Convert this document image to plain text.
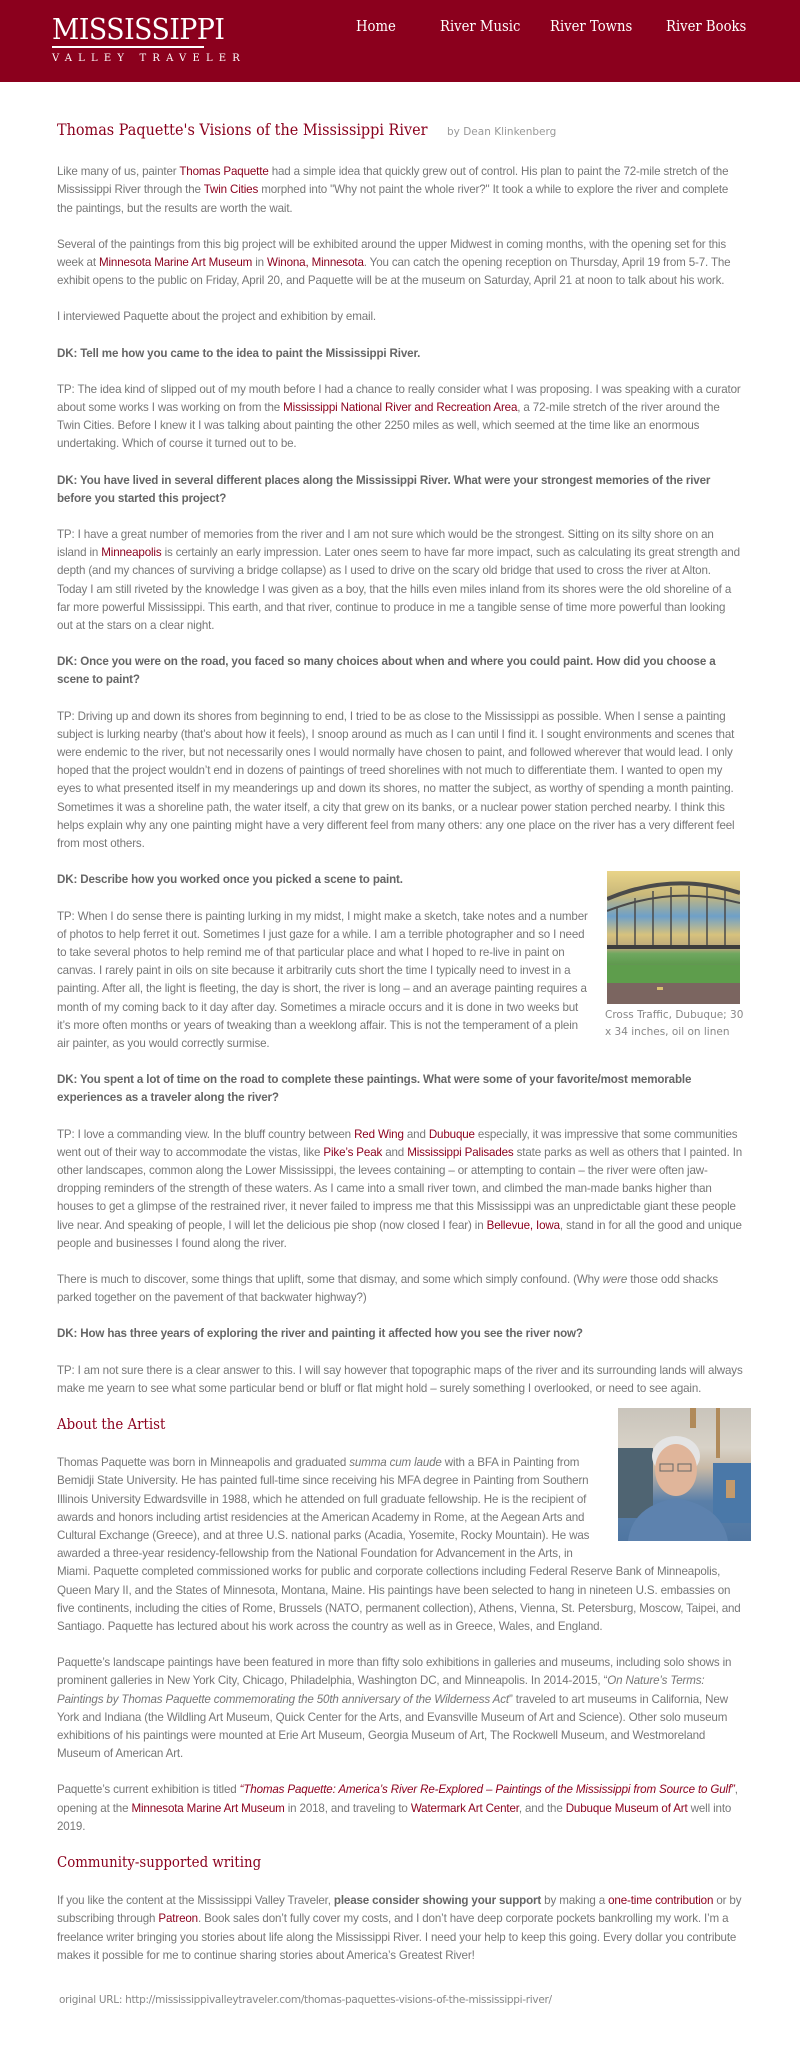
MISSISSIPPI
VALLEY TRAVELER
Home	River Music River Towns River Books
Thomas Paquette's Visions of the Mississippi River by Dean Klinkenberg

Like many of us, painter Thomas Paquette had a simple idea that quickly grew out of control. His plan to paint the 72-mile stretch of the Mississippi River through the Twin Cities morphed into "Why not paint the whole river?" It took a while to explore the river and complete the paintings, but the results are worth the wait.

Several of the paintings from this big project will be exhibited around the upper Midwest in coming months, with the opening set for this week at Minnesota Marine Art Museum in Winona, Minnesota. You can catch the opening reception on Thursday, April 19 from 5-7. The exhibit opens to the public on Friday, April 20, and Paquette will be at the museum on Saturday, April 21 at noon to talk about his work.

I interviewed Paquette about the project and exhibition by email.

DK: Tell me how you came to the idea to paint the Mississippi River.

TP: The idea kind of slipped out of my mouth before I had a chance to really consider what I was proposing. I was speaking with a curator about some works I was working on from the Mississippi National River and Recreation Area, a 72-mile stretch of the river around the Twin Cities. Before I knew it I was talking about painting the other 2250 miles as well, which seemed at the time like an enormous undertaking. Which of course it turned out to be.

DK: You have lived in several different places along the Mississippi River. What were your strongest memories of the river before you started this project?

TP: I have a great number of memories from the river and I am not sure which would be the strongest. Sitting on its silty shore on an island in Minneapolis is certainly an early impression. Later ones seem to have far more impact, such as calculating its great strength and depth (and my chances of surviving a bridge collapse) as I used to drive on the scary old bridge that used to cross the river at Alton. Today I am still riveted by the knowledge I was given as a boy, that the hills even miles inland from its shores were the old shoreline of a far more powerful Mississippi. This earth, and that river, continue to produce in me a tangible sense of time more powerful than looking out at the stars on a clear night.

DK: Once you were on the road, you faced so many choices about when and where you could paint. How did you choose a scene to paint?

TP: Driving up and down its shores from beginning to end, I tried to be as close to the Mississippi as possible. When I sense a painting subject is lurking nearby (that’s about how it feels), I snoop around as much as I can until I find it. I sought environments and scenes that were endemic to the river, but not necessarily ones I would normally have chosen to paint, and followed wherever that would lead. I only hoped that the project wouldn’t end in dozens of paintings of treed shorelines with not much to differentiate them. I wanted to open my eyes to what presented itself in my meanderings up and down its shores, no matter the subject, as worthy of spending a month painting. Sometimes it was a shoreline path, the water itself, a city that grew on its banks, or a nuclear power station perched nearby. I think this helps explain why any one painting might have a very different feel from many others: any one place on the river has a very different feel from most others.

Cross Traffic, Dubuque; 30 x 34 inches, oil on linen

DK: Describe how you worked once you picked a scene to paint.

TP: When I do sense there is painting lurking in my midst, I might make a sketch, take notes and a number of photos to help ferret it out. Sometimes I just gaze for a while. I am a terrible photographer and so I need to take several photos to help remind me of that particular place and what I hoped to re-live in paint on canvas. I rarely paint in oils on site because it arbitrarily cuts short the time I typically need to invest in a painting. After all, the light is fleeting, the day is short, the river is long – and an average painting requires a month of my coming back to it day after day. Sometimes a miracle occurs and it is done in two weeks but it’s more often months or years of tweaking than a weeklong affair. This is not the temperament of a plein air painter, as you would correctly surmise.

DK: You spent a lot of time on the road to complete these paintings. What were some of your favorite/most memorable experiences as a traveler along the river?

TP: I love a commanding view. In the bluff country between Red Wing and Dubuque especially, it was impressive that some communities went out of their way to accommodate the vistas, like Pike’s Peak and Mississippi Palisades state parks as well as others that I painted. In other landscapes, common along the Lower Mississippi, the levees containing – or attempting to contain – the river were often jaw-dropping reminders of the strength of these waters. As I came into a small river town, and climbed the man-made banks higher than houses to get a glimpse of the restrained river, it never failed to impress me that this Mississippi was an unpredictable giant these people live near. And speaking of people, I will let the delicious pie shop (now closed I fear) in Bellevue, Iowa, stand in for all the good and unique people and businesses I found along the river.

There is much to discover, some things that uplift, some that dismay, and some which simply confound. (Why were those odd shacks parked together on the pavement of that backwater highway?)

DK: How has three years of exploring the river and painting it affected how you see the river now?

TP: I am not sure there is a clear answer to this. I will say however that topographic maps of the river and its surrounding lands will always make me yearn to see what some particular bend or bluff or flat might hold – surely something I overlooked, or need to see again.

About the Artist

Thomas Paquette was born in Minneapolis and graduated summa cum laude with a BFA in Painting from Bemidji State University. He has painted full-time since receiving his MFA degree in Painting from Southern Illinois University Edwardsville in 1988, which he attended on full graduate fellowship. He is the recipient of awards and honors including artist residencies at the American Academy in Rome, at the Aegean Arts and Cultural Exchange (Greece), and at three U.S. national parks (Acadia, Yosemite, Rocky Mountain). He was awarded a three-year residency-fellowship from the National Foundation for Advancement in the Arts, in Miami. Paquette completed commissioned works for public and corporate collections including Federal Reserve Bank of Minneapolis, Queen Mary II, and the States of Minnesota, Montana, Maine. His paintings have been selected to hang in nineteen U.S. embassies on five continents, including the cities of Rome, Brussels (NATO, permanent collection), Athens, Vienna, St. Petersburg, Moscow, Taipei, and Santiago. Paquette has lectured about his work across the country as well as in Greece, Wales, and England.

Paquette’s landscape paintings have been featured in more than fifty solo exhibitions in galleries and museums, including solo shows in prominent galleries in New York City, Chicago, Philadelphia, Washington DC, and Minneapolis. In 2014-2015, “On Nature’s Terms: Paintings by Thomas Paquette commemorating the 50th anniversary of the Wilderness Act” traveled to art museums in California, New York and Indiana (the Wildling Art Museum, Quick Center for the Arts, and Evansville Museum of Art and Science). Other solo museum exhibitions of his paintings were mounted at Erie Art Museum, Georgia Museum of Art, The Rockwell Museum, and Westmoreland Museum of American Art.

Paquette’s current exhibition is titled “Thomas Paquette: America’s River Re-Explored – Paintings of the Mississippi from Source to Gulf”, opening at the Minnesota Marine Art Museum in 2018, and traveling to Watermark Art Center, and the Dubuque Museum of Art well into 2019.

Community-supported writing

If you like the content at the Mississippi Valley Traveler, please consider showing your support by making a one-time contribution or by subscribing through Patreon. Book sales don’t fully cover my costs, and I don’t have deep corporate pockets bankrolling my work. I’m a freelance writer bringing you stories about life along the Mississippi River. I need your help to keep this going. Every dollar you contribute makes it possible for me to continue sharing stories about America’s Greatest River!

original URL: http://mississippivalleytraveler.com/thomas-paquettes-visions-of-the-mississippi-river/
